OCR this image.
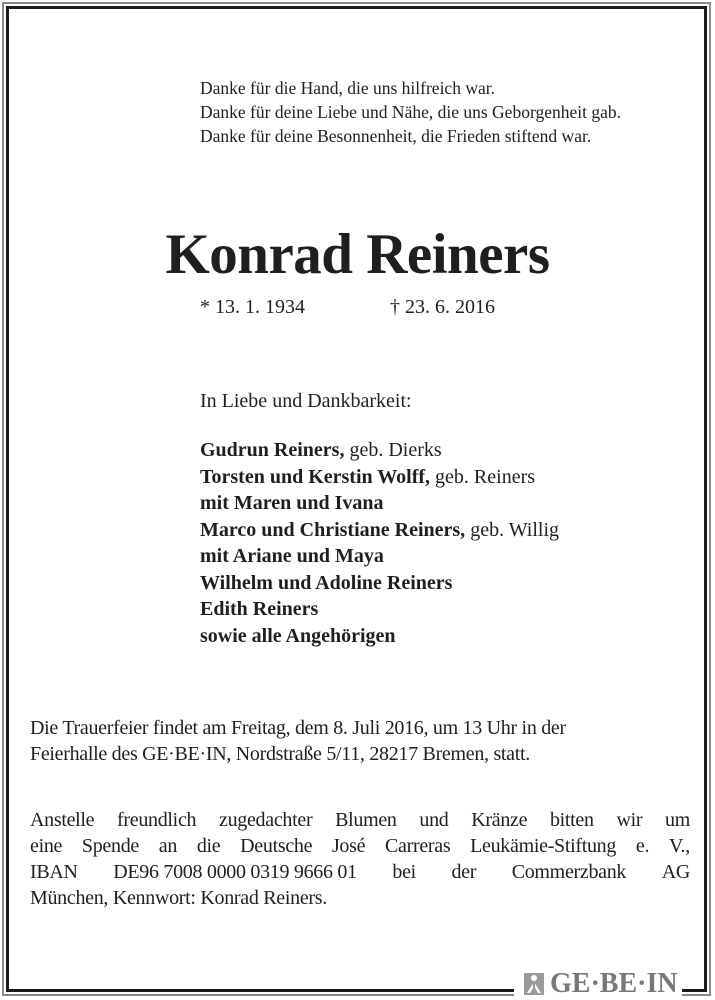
Danke für die Hand, die uns hilfreich war.
Danke für deine Liebe und Nähe, die uns Geborgenheit gab.
Danke für deine Besonnenheit, die Frieden stiftend war.
Konrad Reiners
* 13. 1. 1934	† 23. 6. 2016
In Liebe und Dankbarkeit:
Gudrun Reiners, geb. Dierks
Torsten und Kerstin Wolff, geb. Reiners
mit Maren und Ivana
Marco und Christiane Reiners, geb. Willig
mit Ariane und Maya
Wilhelm und Adoline Reiners
Edith Reiners
sowie alle Angehörigen
Die Trauerfeier findet am Freitag, dem 8. Juli 2016, um 13 Uhr in der
Feierhalle des GE·BE·IN, Nordstraße 5/11, 28217 Bremen, statt.
Anstelle freundlich zugedachter Blumen und Kränze bitten wir um
eine Spende an die Deutsche José Carreras Leukämie-Stiftung e. V.,
IBAN DE96 7008 0000 0319 9666 01 bei der Commerzbank AG
München, Kennwort: Konrad Reiners.
GE·BE·IN
